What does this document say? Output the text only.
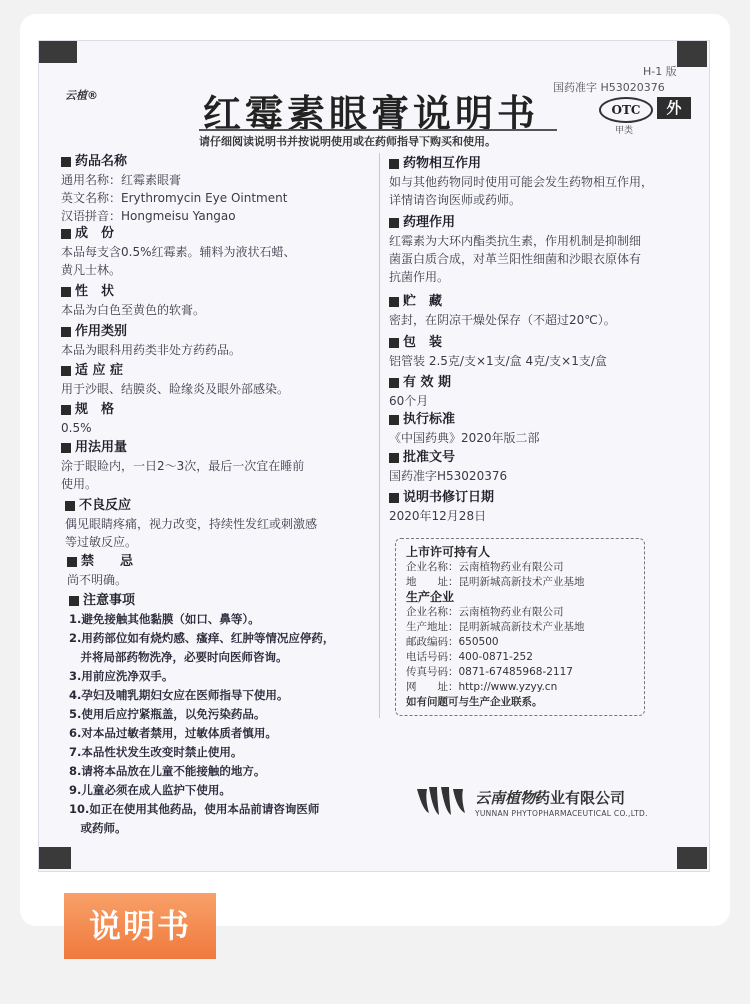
H-1 版
国药准字 H53020376
云植®	红霉素眼膏说明书
请仔细阅读说明书并按说明使用或在药师指导下购买和使用。
OTC
甲类
外
药品名称
通用名称：红霉素眼膏
英文名称：Erythromycin Eye Ointment
汉语拼音：Hongmeisu Yangao
成　份
本品每支含0.5%红霉素。辅料为液状石蜡、
黄凡士林。
性　状
本品为白色至黄色的软膏。
作用类别
本品为眼科用药类非处方药药品。
适 应 症
用于沙眼、结膜炎、睑缘炎及眼外部感染。
规　格
0.5%
用法用量
涂于眼睑内，一日2～3次，最后一次宜在睡前
使用。
不良反应
偶见眼睛疼痛，视力改变，持续性发红或刺激感
等过敏反应。
禁　　忌
尚不明确。
注意事项
1.避免接触其他黏膜（如口、鼻等）。
2.用药部位如有烧灼感、瘙痒、红肿等情况应停药，
　并将局部药物洗净，必要时向医师咨询。
3.用前应洗净双手。
4.孕妇及哺乳期妇女应在医师指导下使用。
5.使用后应拧紧瓶盖，以免污染药品。
6.对本品过敏者禁用，过敏体质者慎用。
7.本品性状发生改变时禁止使用。
8.请将本品放在儿童不能接触的地方。
9.儿童必须在成人监护下使用。
10.如正在使用其他药品，使用本品前请咨询医师
　或药师。
药物相互作用
如与其他药物同时使用可能会发生药物相互作用，
详情请咨询医师或药师。
药理作用
红霉素为大环内酯类抗生素，作用机制是抑制细
菌蛋白质合成，对革兰阳性细菌和沙眼衣原体有
抗菌作用。
贮　藏
密封，在阴凉干燥处保存（不超过20℃）。
包　装
铝管装 2.5克/支×1支/盒 4克/支×1支/盒
有 效 期
60个月
执行标准
《中国药典》2020年版二部
批准文号
国药准字H53020376
说明书修订日期
2020年12月28日
上市许可持有人
企业名称：云南植物药业有限公司
地　　址：昆明新城高新技术产业基地
生产企业
企业名称：云南植物药业有限公司
生产地址：昆明新城高新技术产业基地
邮政编码：650500
电话号码：400-0871-252
传真号码：0871-67485968-2117
网　　址：http://www.yzyy.cn
如有问题可与生产企业联系。
云南植物药业有限公司
YUNNAN PHYTOPHARMACEUTICAL CO.,LTD.
说明书
